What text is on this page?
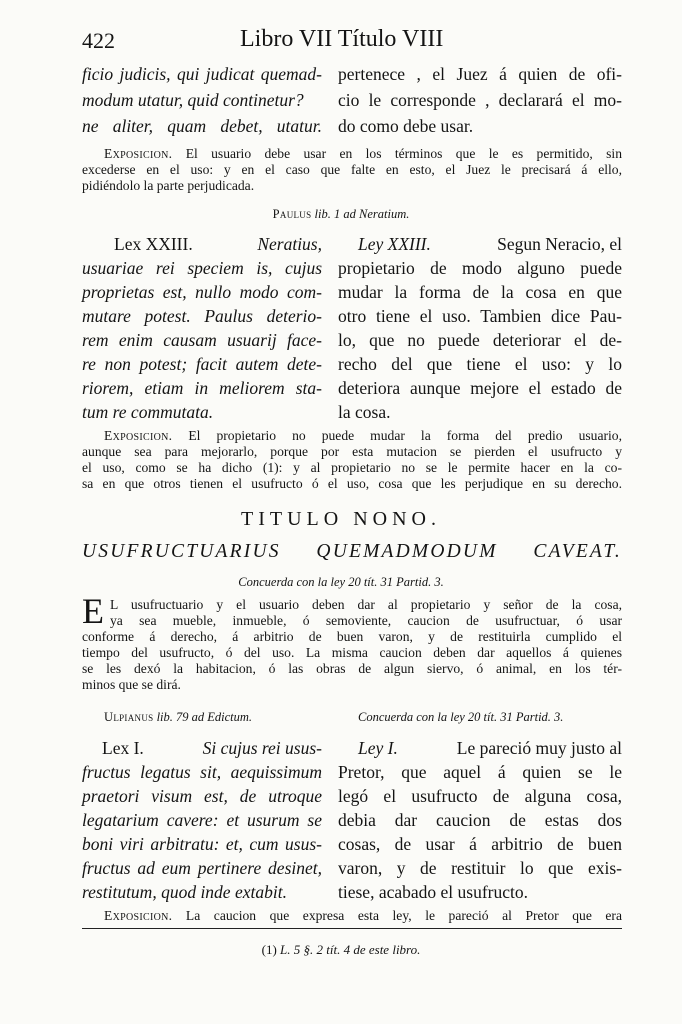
422	Libro VII Título VIII
ficio judicis, qui judicat quemad-
modum utatur, quid continetur?
ne aliter, quam debet, utatur.
pertenece , el Juez á quien de ofi-
cio le corresponde , declarará el mo-
do como debe usar.
Exposicion. El usuario debe usar en los términos que le es permitido, sin
excederse en el uso: y en el caso que falte en esto, el Juez le precisará á ello,
pidiéndolo la parte perjudicada.
Paulus lib. 1 ad Neratium.
Lex XXIII.	Neratius,
usuariae rei speciem is, cujus
proprietas est, nullo modo com-
mutare potest. Paulus deterio-
rem enim causam usuarij face-
re non potest; facit autem dete-
riorem, etiam in meliorem sta-
tum re commutata.
Ley XXIII.	Segun Neracio, el
propietario de modo alguno puede
mudar la forma de la cosa en que
otro tiene el uso. Tambien dice Pau-
lo, que no puede deteriorar el de-
recho del que tiene el uso: y lo
deteriora aunque mejore el estado de
la cosa.
Exposicion. El propietario no puede mudar la forma del predio usuario,
aunque sea para mejorarlo, porque por esta mutacion se pierden el usufructo y
el uso, como se ha dicho (1): y al propietario no se le permite hacer en la co-
sa en que otros tienen el usufructo ó el uso, cosa que les perjudique en su derecho.
TITULO NONO.
USUFRUCTUARIUS QUEMADMODUM CAVEAT.
Concuerda con la ley 20 tít. 31 Partid. 3.
E L usufructuario y el usuario deben dar al propietario y señor de la cosa,
ya sea mueble, inmueble, ó semoviente, caucion de usufructuar, ó usar
conforme á derecho, á arbitrio de buen varon, y de restituirla cumplido el
tiempo del usufructo, ó del uso. La misma caucion deben dar aquellos á quienes
se les dexó la habitacion, ó las obras de algun siervo, ó animal, en los tér-
minos que se dirá.
Ulpianus lib. 79 ad Edictum.	Concuerda con la ley 20 tít. 31 Partid. 3.
Lex I.	Si cujus rei usus-
fructus legatus sit, aequissimum
praetori visum est, de utroque
legatarium cavere: et usurum se
boni viri arbitratu: et, cum usus-
fructus ad eum pertinere desinet,
restitutum, quod inde extabit.
Ley I.	Le pareció muy justo al
Pretor, que aquel á quien se le
legó el usufructo de alguna cosa,
debia dar caucion de estas dos
cosas, de usar á arbitrio de buen
varon, y de restituir lo que exis-
tiese, acabado el usufructo.
Exposicion. La caucion que expresa esta ley, le pareció al Pretor que era
(1) L. 5 §. 2 tít. 4 de este libro.
